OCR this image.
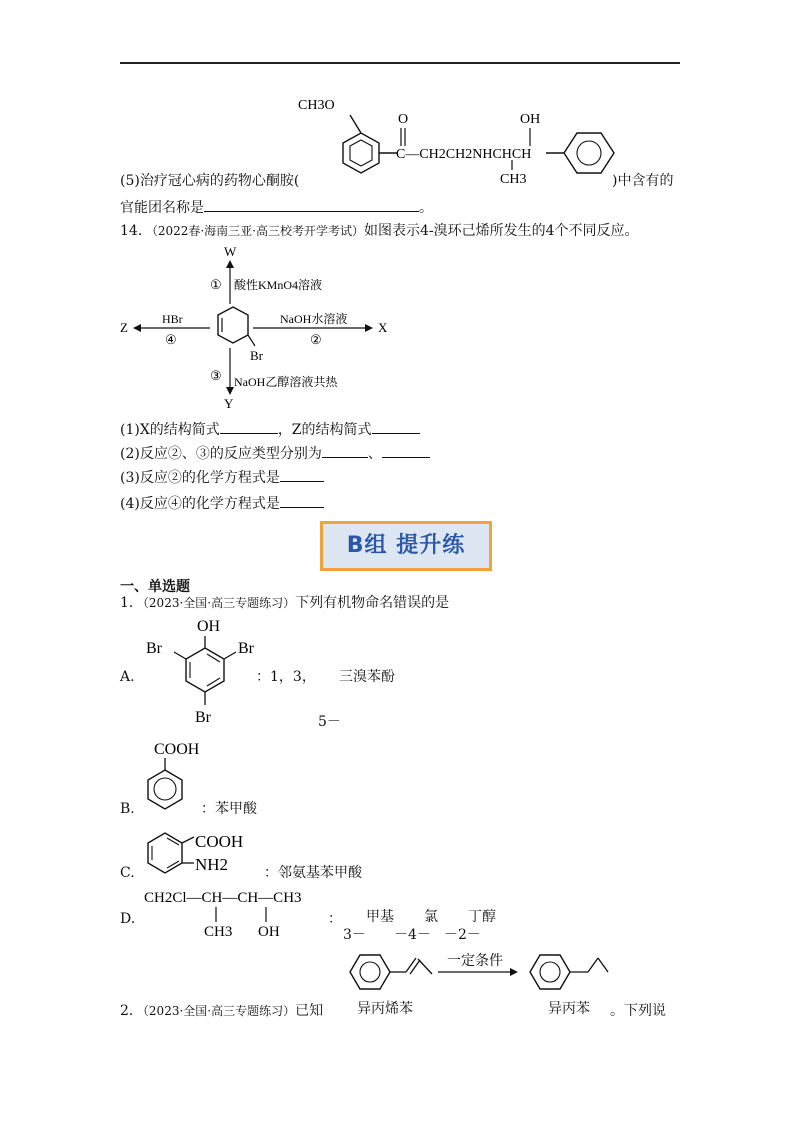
CH3O
O
C—CH2CH2NHCHCH
OH
CH3
(5)治疗冠心病的药物心酮胺(	)中含有的
官能团名称是	。
14．（2022春·海南三亚·高三校考开学考试）如图表示4-溴环己烯所发生的4个不同反应。
W
① 酸性KMnO4溶液
Br
X
NaOH水溶液
②
Z
HBr
④
Y
③ NaOH乙醇溶液共热
(1)X的结构简式	，Z的结构简式
(2)反应②、③的反应类型分别为	、
(3)反应②的化学方程式是
(4)反应④的化学方程式是
B组 提升练
一、单选题
1．（2023·全国·高三专题练习）下列有机物命名错误的是
A.
OH
Br	Br
Br
：1，3， 三溴苯酚
5－
COOH
B.	：苯甲酸
COOH
NH2
C.	：邻氨基苯甲酸
D.
CH2Cl—CH—CH—CH3
CH3 OH
： 甲基 氯 丁醇
3－ －4－ －2－
一定条件
2．（2023·全国·高三专题练习）已知 异丙烯苯	异丙苯 。下列说
